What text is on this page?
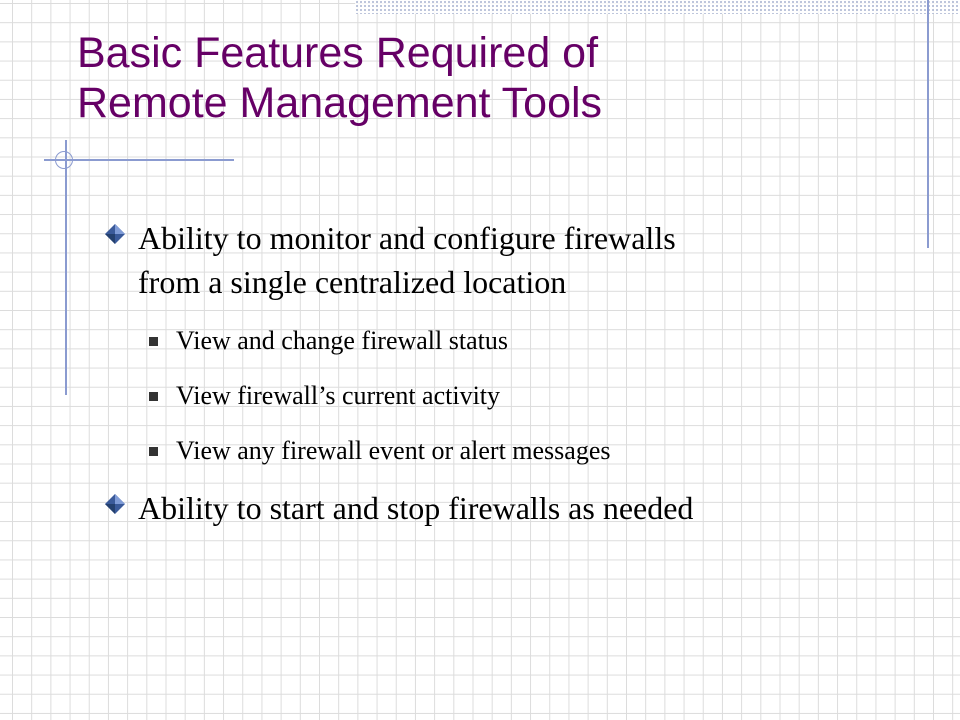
Basic Features Required of
Remote Management Tools
Ability to monitor and configure firewalls
from a single centralized location
View and change firewall status
View firewall’s current activity
View any firewall event or alert messages
Ability to start and stop firewalls as needed
